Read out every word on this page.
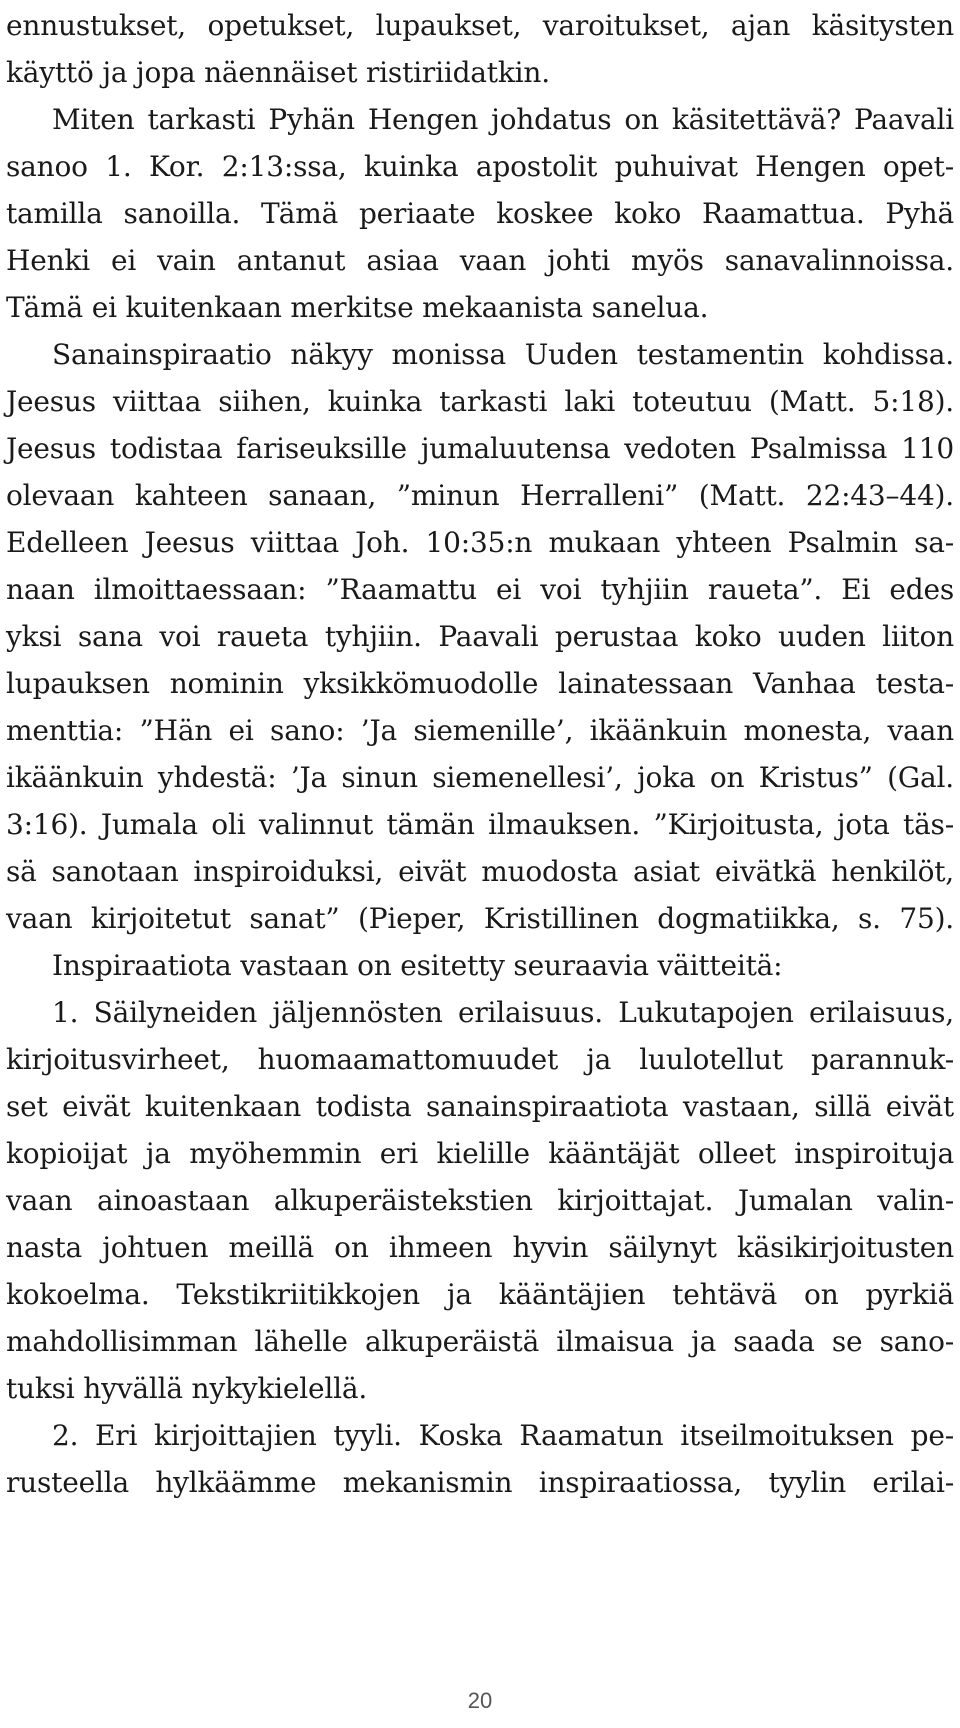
ennustukset, opetukset, lupaukset, varoitukset, ajan käsitysten
käyttö ja jopa näennäiset ristiriidatkin.
Miten tarkasti Pyhän Hengen johdatus on käsitettävä? Paavali
sanoo 1. Kor. 2:13:ssa, kuinka apostolit puhuivat Hengen opet-
tamilla sanoilla. Tämä periaate koskee koko Raamattua. Pyhä
Henki ei vain antanut asiaa vaan johti myös sanavalinnoissa.
Tämä ei kuitenkaan merkitse mekaanista sanelua.
Sanainspiraatio näkyy monissa Uuden testamentin kohdissa.
Jeesus viittaa siihen, kuinka tarkasti laki toteutuu (Matt. 5:18).
Jeesus todistaa fariseuksille jumaluutensa vedoten Psalmissa 110
olevaan kahteen sanaan, ”minun Herralleni” (Matt. 22:43–44).
Edelleen Jeesus viittaa Joh. 10:35:n mukaan yhteen Psalmin sa-
naan ilmoittaessaan: ”Raamattu ei voi tyhjiin raueta”. Ei edes
yksi sana voi raueta tyhjiin. Paavali perustaa koko uuden liiton
lupauksen nominin yksikkömuodolle lainatessaan Vanhaa testa-
menttia: ”Hän ei sano: ’Ja siemenille’, ikäänkuin monesta, vaan
ikäänkuin yhdestä: ’Ja sinun siemenellesi’, joka on Kristus” (Gal.
3:16). Jumala oli valinnut tämän ilmauksen. ”Kirjoitusta, jota täs-
sä sanotaan inspiroiduksi, eivät muodosta asiat eivätkä henkilöt,
vaan kirjoitetut sanat” (Pieper, Kristillinen dogmatiikka, s. 75).
Inspiraatiota vastaan on esitetty seuraavia väitteitä:
1. Säilyneiden jäljennösten erilaisuus. Lukutapojen erilaisuus,
kirjoitusvirheet, huomaamattomuudet ja luulotellut parannuk-
set eivät kuitenkaan todista sanainspiraatiota vastaan, sillä eivät
kopioijat ja myöhemmin eri kielille kääntäjät olleet inspiroituja
vaan ainoastaan alkuperäistekstien kirjoittajat. Jumalan valin-
nasta johtuen meillä on ihmeen hyvin säilynyt käsikirjoitusten
kokoelma. Tekstikriitikkojen ja kääntäjien tehtävä on pyrkiä
mahdollisimman lähelle alkuperäistä ilmaisua ja saada se sano-
tuksi hyvällä nykykielellä.
2. Eri kirjoittajien tyyli. Koska Raamatun itseilmoituksen pe-
rusteella hylkäämme mekanismin inspiraatiossa, tyylin erilai-
20
